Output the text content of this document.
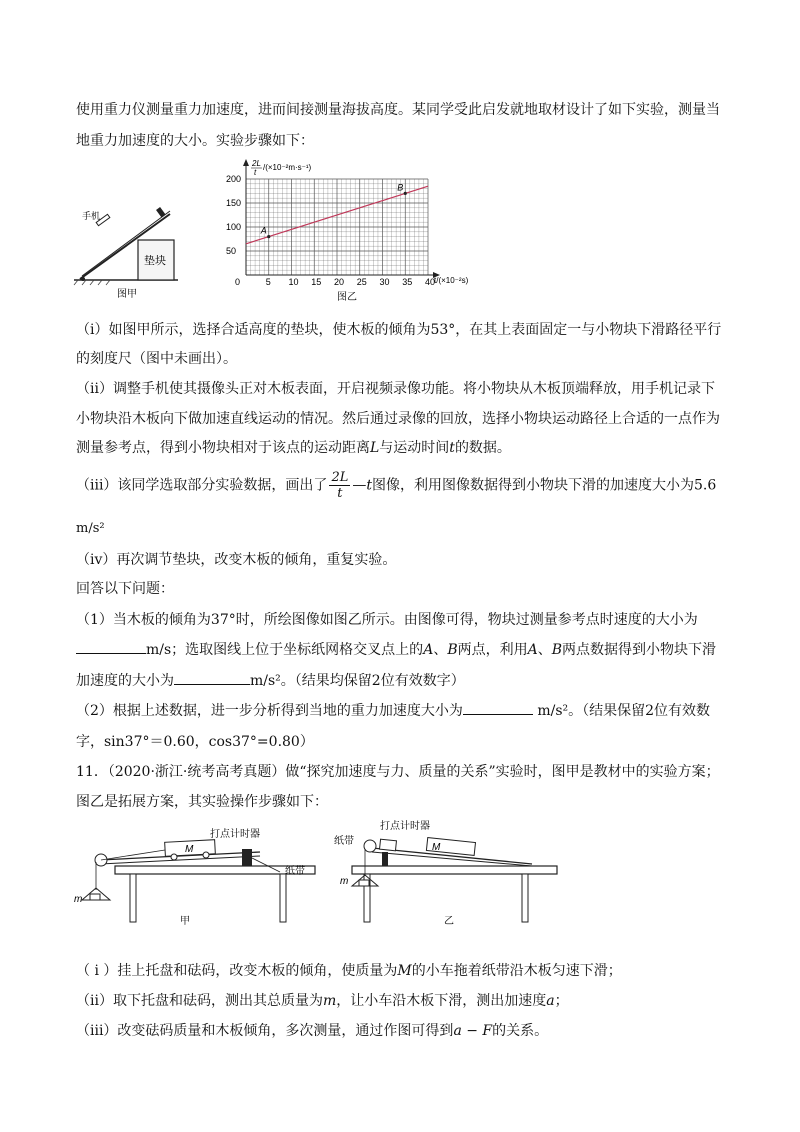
使用重力仪测量重力加速度，进而间接测量海拔高度。某同学受此启发就地取材设计了如下实验，测量当
地重力加速度的大小。实验步骤如下：
手机
垫块
图甲
5 10 15 20 25 30 35 40
50
100
150
200
A
B
2L
t
/(×10⁻²m·s⁻¹)
t/(×10⁻²s)
0
图乙
（i）如图甲所示，选择合适高度的垫块，使木板的倾角为53°，在其上表面固定一与小物块下滑路径平行
的刻度尺（图中未画出）。
（ii）调整手机使其摄像头正对木板表面，开启视频录像功能。将小物块从木板顶端释放，用手机记录下
小物块沿木板向下做加速直线运动的情况。然后通过录像的回放，选择小物块运动路径上合适的一点作为
测量参考点，得到小物块相对于该点的运动距离L与运动时间t的数据。
（iii）该同学选取部分实验数据，画出了 $\frac{2L}{t}$ —t图像，利用图像数据得到小物块下滑的加速度大小为5.6
m/s²
（iv）再次调节垫块，改变木板的倾角，重复实验。
回答以下问题：
（1）当木板的倾角为37°时，所绘图像如图乙所示。由图像可得，物块过测量参考点时速度的大小为
m/s；选取图线上位于坐标纸网格交叉点上的A、B两点，利用A、B两点数据得到小物块下滑
加速度的大小为	m/s²。（结果均保留2位有效数字）
（2）根据上述数据，进一步分析得到当地的重力加速度大小为	m/s²。（结果保留2位有效数
字，sin37°＝0.60，cos37°=0.80）
11．（2020·浙江·统考高考真题）做“探究加速度与力、质量的关系”实验时，图甲是教材中的实验方案；
图乙是拓展方案，其实验操作步骤如下：
打点计时器
纸带
M
m
甲
打点计时器
纸带
M
m
乙
（ i ）挂上托盘和砝码，改变木板的倾角，使质量为M的小车拖着纸带沿木板匀速下滑；
（ii）取下托盘和砝码，测出其总质量为m，让小车沿木板下滑，测出加速度a；
（iii）改变砝码质量和木板倾角，多次测量，通过作图可得到a − F的关系。
